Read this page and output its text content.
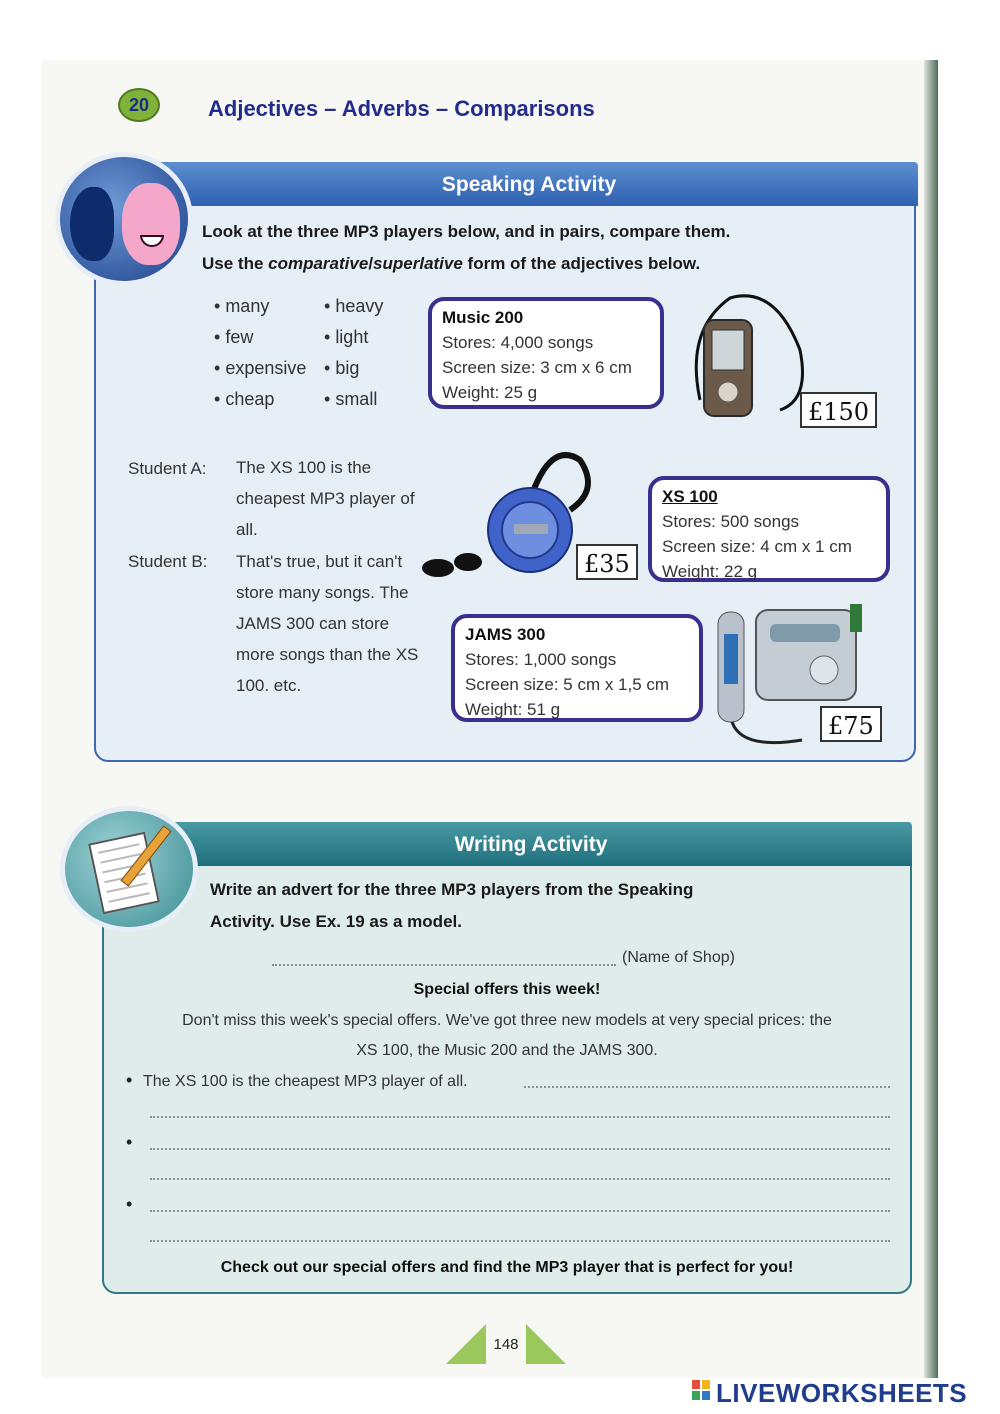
20	Adjectives – Adverbs – Comparisons
Speaking Activity
Look at the three MP3 players below, and in pairs, compare them.
Use the comparative/superlative form of the adjectives below.
• many
• few
• expensive
• cheap
• heavy
• light
• big
• small
Student A: The XS 100 is the cheapest MP3 player of all.
Student B: That's true, but it can't store many songs. The JAMS 300 can store more songs than the XS 100. etc.
Music 200
Stores: 4,000 songs
Screen size: 3 cm x 6 cm
Weight: 25 g
£150
XS 100
Stores: 500 songs
Screen size: 4 cm x 1 cm
Weight: 22 g
£35
JAMS 300
Stores: 1,000 songs
Screen size: 5 cm x 1,5 cm
Weight: 51 g
£75
Writing Activity
Write an advert for the three MP3 players from the Speaking
Activity. Use Ex. 19 as a model.
(Name of Shop)
Special offers this week!
Don't miss this week's special offers. We've got three new models at very special prices: the
XS 100, the Music 200 and the JAMS 300.
• The XS 100 is the cheapest MP3 player of all.
•
•
Check out our special offers and find the MP3 player that is perfect for you!
148
LIVEWORKSHEETS
